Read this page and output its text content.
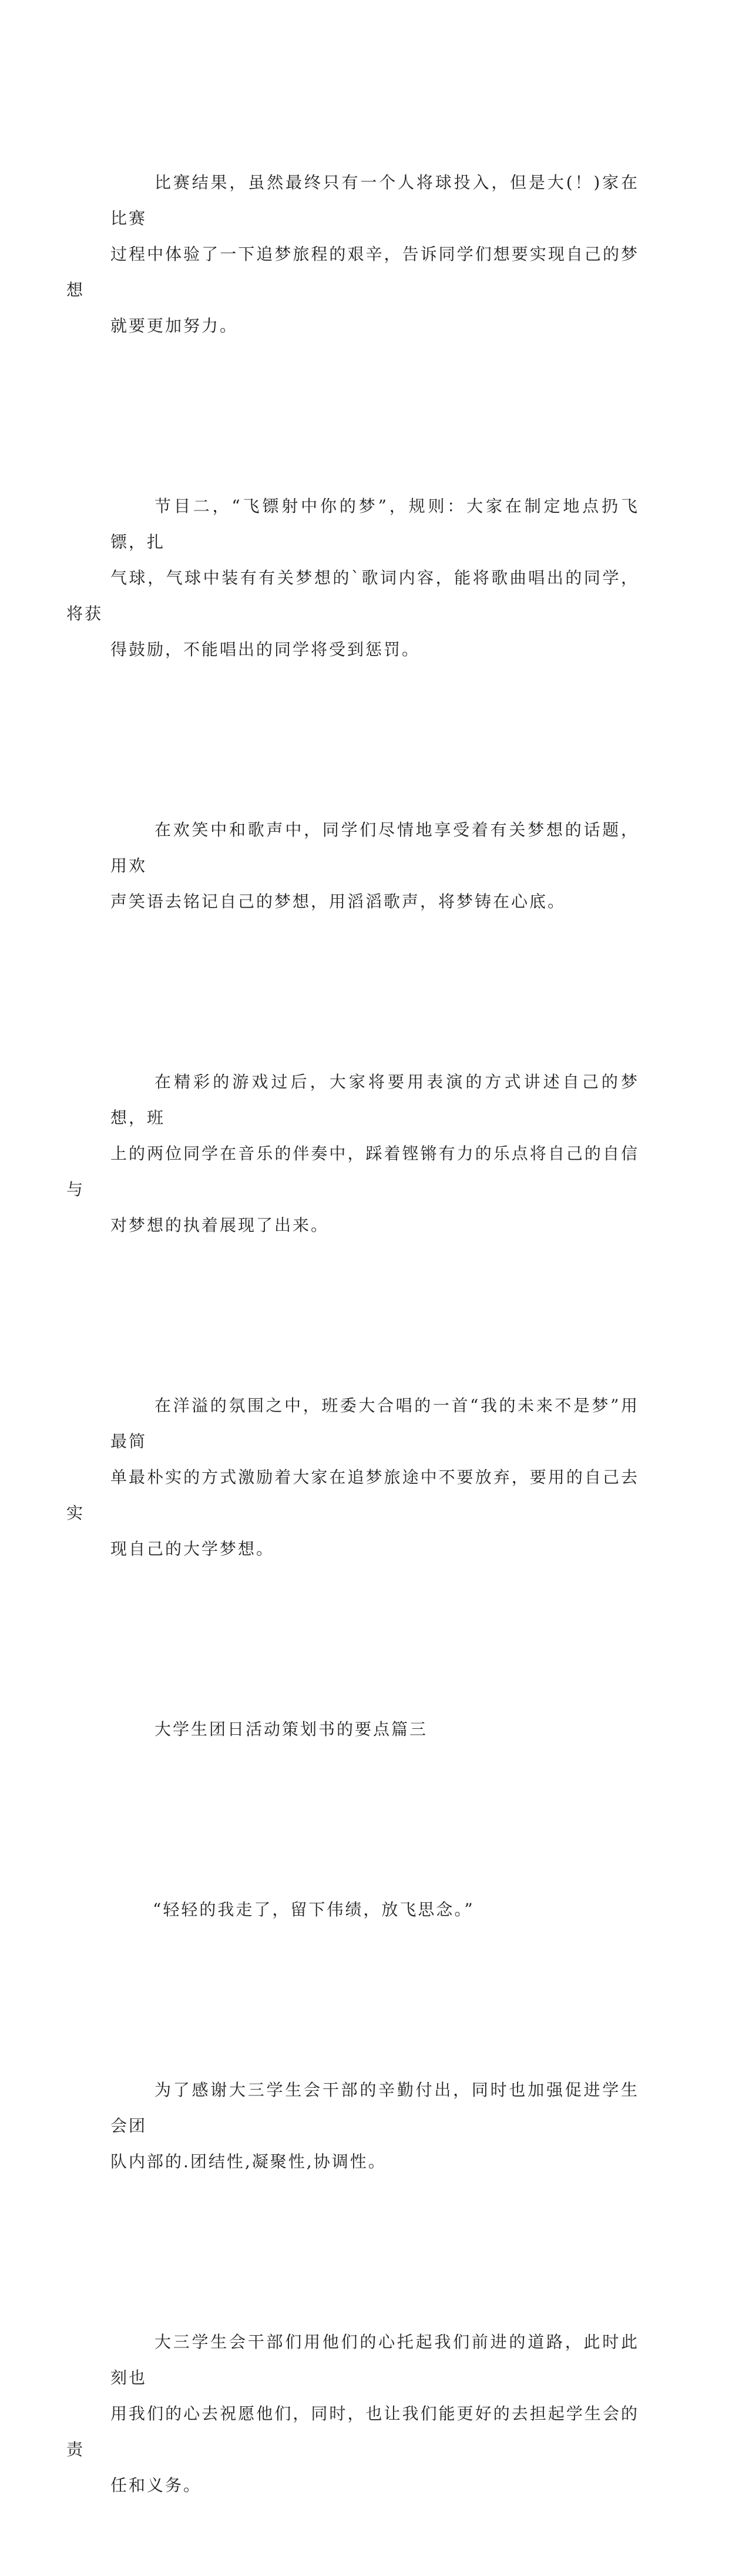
比赛结果，虽然最终只有一个人将球投入，但是大(！)家在比赛
过程中体验了一下追梦旅程的艰辛，告诉同学们想要实现自己的梦想
就要更加努力。

节目二，“飞镖射中你的梦”，规则：大家在制定地点扔飞镖，扎
气球，气球中装有有关梦想的`歌词内容，能将歌曲唱出的同学，将获
得鼓励，不能唱出的同学将受到惩罚。

在欢笑中和歌声中，同学们尽情地享受着有关梦想的话题，用欢
声笑语去铭记自己的梦想，用滔滔歌声，将梦铸在心底。

在精彩的游戏过后，大家将要用表演的方式讲述自己的梦想，班
上的两位同学在音乐的伴奏中，踩着铿锵有力的乐点将自己的自信与
对梦想的执着展现了出来。

在洋溢的氛围之中，班委大合唱的一首“我的未来不是梦”用最简
单最朴实的方式激励着大家在追梦旅途中不要放弃，要用的自己去实
现自己的大学梦想。

大学生团日活动策划书的要点篇三

“轻轻的我走了，留下伟绩，放飞思念。”

为了感谢大三学生会干部的辛勤付出，同时也加强促进学生会团
队内部的.团结性,凝聚性,协调性。

大三学生会干部们用他们的心托起我们前进的道路，此时此刻也
用我们的心去祝愿他们，同时，也让我们能更好的去担起学生会的责
任和义务。
